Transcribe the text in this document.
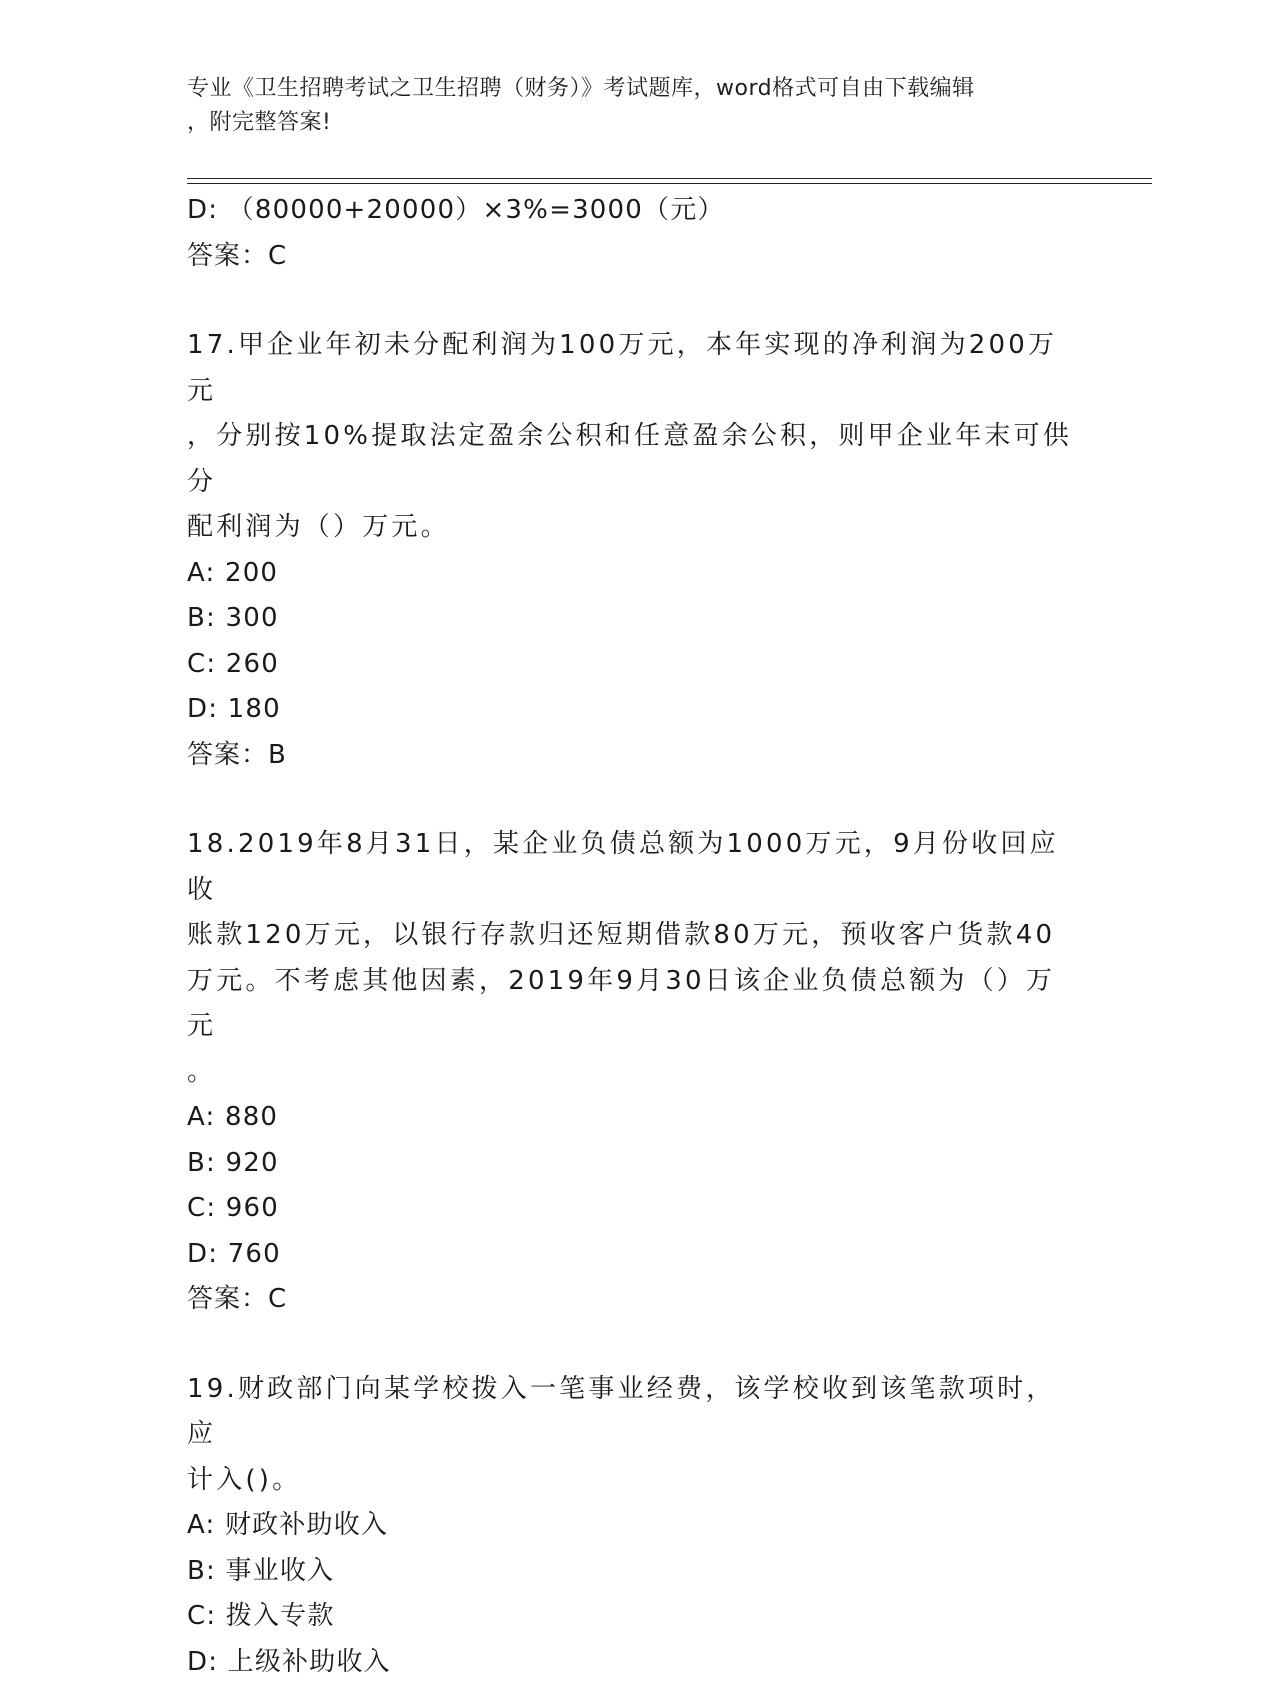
专业《卫生招聘考试之卫生招聘（财务）》考试题库，word格式可自由下载编辑
，附完整答案!
D: （80000+20000）×3%=3000（元）
答案：C
17.甲企业年初未分配利润为100万元，本年实现的净利润为200万元
，分别按10%提取法定盈余公积和任意盈余公积，则甲企业年末可供分
配利润为（）万元。
A: 200
B: 300
C: 260
D: 180
答案：B
18.2019年8月31日，某企业负债总额为1000万元，9月份收回应收
账款120万元，以银行存款归还短期借款80万元，预收客户货款40
万元。不考虑其他因素，2019年9月30日该企业负债总额为（）万元
。
A: 880
B: 920
C: 960
D: 760
答案：C
19.财政部门向某学校拨入一笔事业经费，该学校收到该笔款项时，应
计入()。
A: 财政补助收入
B: 事业收入
C: 拨入专款
D: 上级补助收入
